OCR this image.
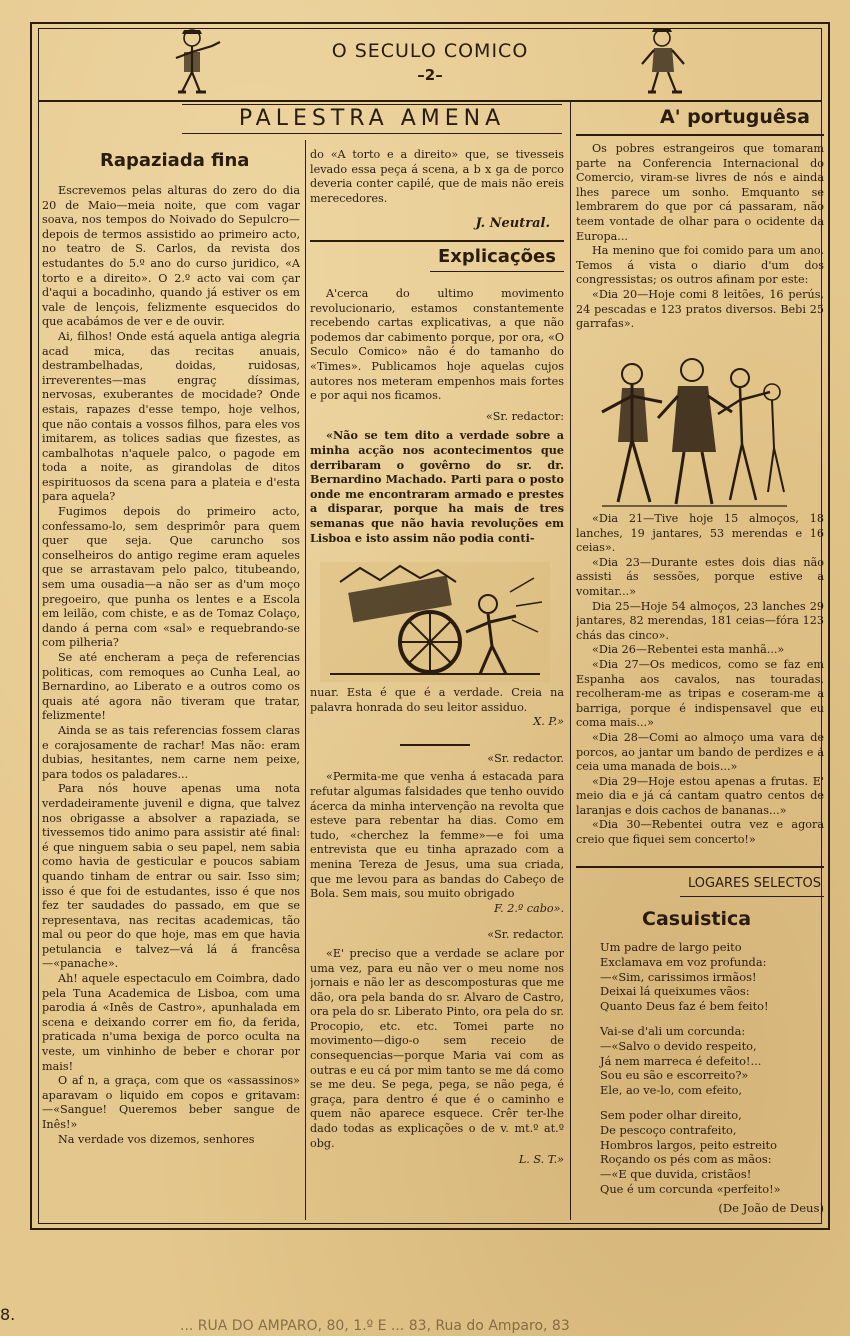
O SECULO COMICO
–2–
PALESTRA AMENA
Rapaziada fina

Escrevemos pelas alturas do zero do dia 20 de Maio—meia noite, que com vagar soava, nos tempos do Noivado do Sepulcro—depois de termos assistido ao primeiro acto, no teatro de S. Carlos, da revista dos estudantes do 5.º ano do curso juridico, «A torto e a direito». O 2.º acto vai com çar d'aqui a bocadinho, quando já estiver os em vale de lençois, felizmente esquecidos do que acabámos de ver e de ouvir.

Ai, filhos! Onde está aquela antiga alegria acad mica, das recitas anuais, destrambelhadas, doidas, ruidosas, irreverentes—mas engraç díssimas, nervosas, exuberantes de mocidade? Onde estais, rapazes d'esse tempo, hoje velhos, que não contais a vossos filhos, para eles vos imitarem, as tolices sadias que fizestes, as cambalhotas n'aquele palco, o pagode em toda a noite, as girandolas de ditos espirituosos da scena para a plateia e d'esta para aquela?

Fugimos depois do primeiro acto, confessamo-lo, sem desprimôr para quem quer que seja. Que caruncho sos conselheiros do antigo regime eram aqueles que se arrastavam pelo palco, titubeando, sem uma ousadia—a não ser as d'um moço pregoeiro, que punha os lentes e a Escola em leilão, com chiste, e as de Tomaz Colaço, dando á perna com «sal» e requebrando-se com pilheria?

Se até encheram a peça de referencias politicas, com remoques ao Cunha Leal, ao Bernardino, ao Liberato e a outros como os quais até agora não tiveram que tratar, felizmente!

Ainda se as tais referencias fossem claras e corajosamente de rachar! Mas não: eram dubias, hesitantes, nem carne nem peixe, para todos os paladares...

Para nós houve apenas uma nota verdadeiramente juvenil e digna, que talvez nos obrigasse a absolver a rapaziada, se tivessemos tido animo para assistir até final: é que ninguem sabia o seu papel, nem sabia como havia de gesticular e poucos sabiam quando tinham de entrar ou sair. Isso sim; isso é que foi de estudantes, isso é que nos fez ter saudades do passado, em que se representava, nas recitas academicas, tão mal ou peor do que hoje, mas em que havia petulancia e talvez—vá lá á francêsa—«panache».

Ah! aquele espectaculo em Coimbra, dado pela Tuna Academica de Lisboa, com uma parodia á «Inês de Castro», apunhalada em scena e deixando correr em fio, da ferida, praticada n'uma bexiga de porco oculta na veste, um vinhinho de beber e chorar por mais!

O af n, a graça, com que os «assassinos» aparavam o liquido em copos e gritavam:—«Sangue! Queremos beber sangue de Inês!»

Na verdade vos dizemos, senhores

do «A torto e a direito» que, se tivesseis levado essa peça á scena, a b x ga de porco deveria conter capilé, que de mais não ereis merecedores.

J. Neutral.
Explicações

A'cerca do ultimo movimento revolucionario, estamos constantemente recebendo cartas explicativas, a que não podemos dar cabimento porque, por ora, «O Seculo Comico» não é do tamanho do «Times». Publicamos hoje aquelas cujos autores nos meteram empenhos mais fortes e por aqui nos ficamos.

«Sr. redactor:

«Não se tem dito a verdade sobre a minha acção nos acontecimentos que derribaram o govêrno do sr. dr. Bernardino Machado. Parti para o posto onde me encontraram armado e prestes a disparar, porque ha mais de tres semanas que não havia revoluções em Lisboa e isto assim não podia conti-

nuar. Esta é que é a verdade. Creia na palavra honrada do seu leitor assiduo.

X. P.»
«Sr. redactor.

«Permita-me que venha á estacada para refutar algumas falsidades que tenho ouvido ácerca da minha intervenção na revolta que esteve para rebentar ha dias. Como em tudo, «cherchez la femme»—e foi uma entrevista que eu tinha aprazado com a menina Tereza de Jesus, uma sua criada, que me levou para as bandas do Cabeço de Bola. Sem mais, sou muito obrigado

F. 2.º cabo».
«Sr. redactor.

«E' preciso que a verdade se aclare por uma vez, para eu não ver o meu nome nos jornais e não ler as descomposturas que me dão, ora pela banda do sr. Alvaro de Castro, ora pela do sr. Liberato Pinto, ora pela do sr. Procopio, etc. etc. Tomei parte no movimento—digo-o sem receio de consequencias—porque Maria vai com as outras e eu cá por mim tanto se me dá como se me deu. Se pega, pega, se não pega, é graça, para dentro é que é o caminho e quem não aparece esquece. Crêr ter-lhe dado todas as explicações o de v. mt.º at.º obg.

L. S. T.»
A' portuguêsa

Os pobres estrangeiros que tomaram parte na Conferencia Internacional do Comercio, viram-se livres de nós e ainda lhes parece um sonho. Emquanto se lembrarem do que por cá passaram, não teem vontade de olhar para o ocidente da Europa...

Ha menino que foi comido para um ano. Temos á vista o diario d'um dos congressistas; os outros afinam por este:

«Dia 20—Hoje comi 8 leitões, 16 perús, 24 pescadas e 123 pratos diversos. Bebi 25 garrafas».

«Dia 21—Tive hoje 15 almoços, 18 lanches, 19 jantares, 53 merendas e 16 ceias».

«Dia 23—Durante estes dois dias não assisti ás sessões, porque estive a vomitar...»

Dia 25—Hoje 54 almoços, 23 lanches 29 jantares, 82 merendas, 181 ceias—fóra 123 chás das cinco».

«Dia 26—Rebentei esta manhã...»

«Dia 27—Os medicos, como se faz em Espanha aos cavalos, nas touradas, recolheram-me as tripas e coseram-me a barriga, porque é indispensavel que eu coma mais...»

«Dia 28—Comi ao almoço uma vara de porcos, ao jantar um bando de perdizes e á ceia uma manada de bois...»

«Dia 29—Hoje estou apenas a frutas. E' meio dia e já cá cantam quatro centos de laranjas e dois cachos de bananas...»

«Dia 30—Rebentei outra vez e agora creio que fiquei sem concerto!»

LOGARES SELECTOS
Casuistica
Um padre de largo peito
Exclamava em voz profunda:
—«Sim, carissimos irmãos!
Deixai lá queixumes vãos:
Quanto Deus faz é bem feito!
Vai-se d'ali um corcunda:
—«Salvo o devido respeito,
Já nem marreca é defeito!...
Sou eu são e escorreito?»
Ele, ao ve-lo, com efeito,
Sem poder olhar direito,
De pescoço contrafeito,
Hombros largos, peito estreito
Roçando os pés com as mãos:
—«E que duvida, cristãos!
Que é um corcunda «perfeito!»
(De João de Deus)
8.
... RUA DO AMPARO, 80, 1.º E ... 83, Rua do Amparo, 83
